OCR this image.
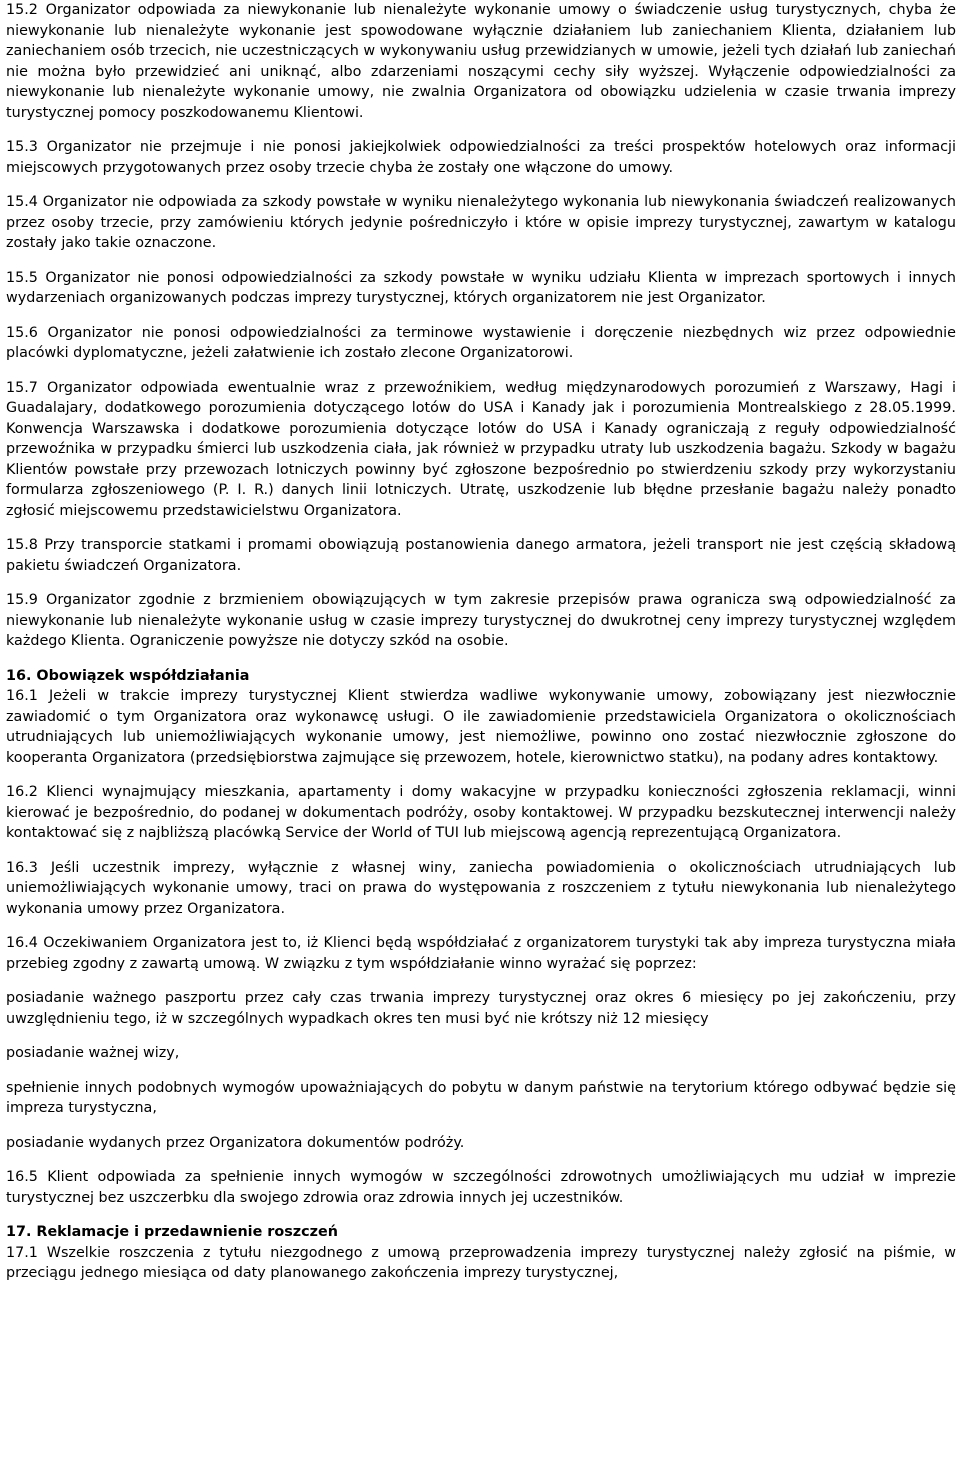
15.2 Organizator odpowiada za niewykonanie lub nienależyte wykonanie umowy o świadczenie usług turystycznych, chyba że niewykonanie lub nienależyte wykonanie jest spowodowane wyłącznie działaniem lub zaniechaniem Klienta, działaniem lub zaniechaniem osób trzecich, nie uczestniczących w wykonywaniu usług przewidzianych w umowie, jeżeli tych działań lub zaniechań nie można było przewidzieć ani uniknąć, albo zdarzeniami noszącymi cechy siły wyższej. Wyłączenie odpowiedzialności za niewykonanie lub nienależyte wykonanie umowy, nie zwalnia Organizatora od obowiązku udzielenia w czasie trwania imprezy turystycznej pomocy poszkodowanemu Klientowi.

15.3 Organizator nie przejmuje i nie ponosi jakiejkolwiek odpowiedzialności za treści prospektów hotelowych oraz informacji miejscowych przygotowanych przez osoby trzecie chyba że zostały one włączone do umowy.

15.4 Organizator nie odpowiada za szkody powstałe w wyniku nienależytego wykonania lub niewykonania świadczeń realizowanych przez osoby trzecie, przy zamówieniu których jedynie pośredniczyło i które w opisie imprezy turystycznej, zawartym w katalogu zostały jako takie oznaczone.

15.5 Organizator nie ponosi odpowiedzialności za szkody powstałe w wyniku udziału Klienta w imprezach sportowych i innych wydarzeniach organizowanych podczas imprezy turystycznej, których organizatorem nie jest Organizator.

15.6 Organizator nie ponosi odpowiedzialności za terminowe wystawienie i doręczenie niezbędnych wiz przez odpowiednie placówki dyplomatyczne, jeżeli załatwienie ich zostało zlecone Organizatorowi.

15.7 Organizator odpowiada ewentualnie wraz z przewoźnikiem, według międzynarodowych porozumień z Warszawy, Hagi i Guadalajary, dodatkowego porozumienia dotyczącego lotów do USA i Kanady jak i porozumienia Montrealskiego z 28.05.1999. Konwencja Warszawska i dodatkowe porozumienia dotyczące lotów do USA i Kanady ograniczają z reguły odpowiedzialność przewoźnika w przypadku śmierci lub uszkodzenia ciała, jak również w przypadku utraty lub uszkodzenia bagażu. Szkody w bagażu Klientów powstałe przy przewozach lotniczych powinny być zgłoszone bezpośrednio po stwierdzeniu szkody przy wykorzystaniu formularza zgłoszeniowego (P. I. R.) danych linii lotniczych. Utratę, uszkodzenie lub błędne przesłanie bagażu należy ponadto zgłosić miejscowemu przedstawicielstwu Organizatora.

15.8 Przy transporcie statkami i promami obowiązują postanowienia danego armatora, jeżeli transport nie jest częścią składową pakietu świadczeń Organizatora.

15.9 Organizator zgodnie z brzmieniem obowiązujących w tym zakresie przepisów prawa ogranicza swą odpowiedzialność za niewykonanie lub nienależyte wykonanie usług w czasie imprezy turystycznej do dwukrotnej ceny imprezy turystycznej względem każdego Klienta. Ograniczenie powyższe nie dotyczy szkód na osobie.

16. Obowiązek współdziałania

16.1 Jeżeli w trakcie imprezy turystycznej Klient stwierdza wadliwe wykonywanie umowy, zobowiązany jest niezwłocznie zawiadomić o tym Organizatora oraz wykonawcę usługi. O ile zawiadomienie przedstawiciela Organizatora o okolicznościach utrudniających lub uniemożliwiających wykonanie umowy, jest niemożliwe, powinno ono zostać niezwłocznie zgłoszone do kooperanta Organizatora (przedsiębiorstwa zajmujące się przewozem, hotele, kierownictwo statku), na podany adres kontaktowy.

16.2 Klienci wynajmujący mieszkania, apartamenty i domy wakacyjne w przypadku konieczności zgłoszenia reklamacji, winni kierować je bezpośrednio, do podanej w dokumentach podróży, osoby kontaktowej. W przypadku bezskutecznej interwencji należy kontaktować się z najbliższą placówką Service der World of TUI lub miejscową agencją reprezentującą Organizatora.

16.3 Jeśli uczestnik imprezy, wyłącznie z własnej winy, zaniecha powiadomienia o okolicznościach utrudniających lub uniemożliwiających wykonanie umowy, traci on prawa do występowania z roszczeniem z tytułu niewykonania lub nienależytego wykonania umowy przez Organizatora.

16.4 Oczekiwaniem Organizatora jest to, iż Klienci będą współdziałać z organizatorem turystyki tak aby impreza turystyczna miała przebieg zgodny z zawartą umową. W związku z tym współdziałanie winno wyrażać się poprzez:

posiadanie ważnego paszportu przez cały czas trwania imprezy turystycznej oraz okres 6 miesięcy po jej zakończeniu, przy uwzględnieniu tego, iż w szczególnych wypadkach okres ten musi być nie krótszy niż 12 miesięcy

posiadanie ważnej wizy,

spełnienie innych podobnych wymogów upoważniających do pobytu w danym państwie na terytorium którego odbywać będzie się impreza turystyczna,

posiadanie wydanych przez Organizatora dokumentów podróży.

16.5 Klient odpowiada za spełnienie innych wymogów w szczególności zdrowotnych umożliwiających mu udział w imprezie turystycznej bez uszczerbku dla swojego zdrowia oraz zdrowia innych jej uczestników.

17. Reklamacje i przedawnienie roszczeń

17.1 Wszelkie roszczenia z tytułu niezgodnego z umową przeprowadzenia imprezy turystycznej należy zgłosić na piśmie, w przeciągu jednego miesiąca od daty planowanego zakończenia imprezy turystycznej,
